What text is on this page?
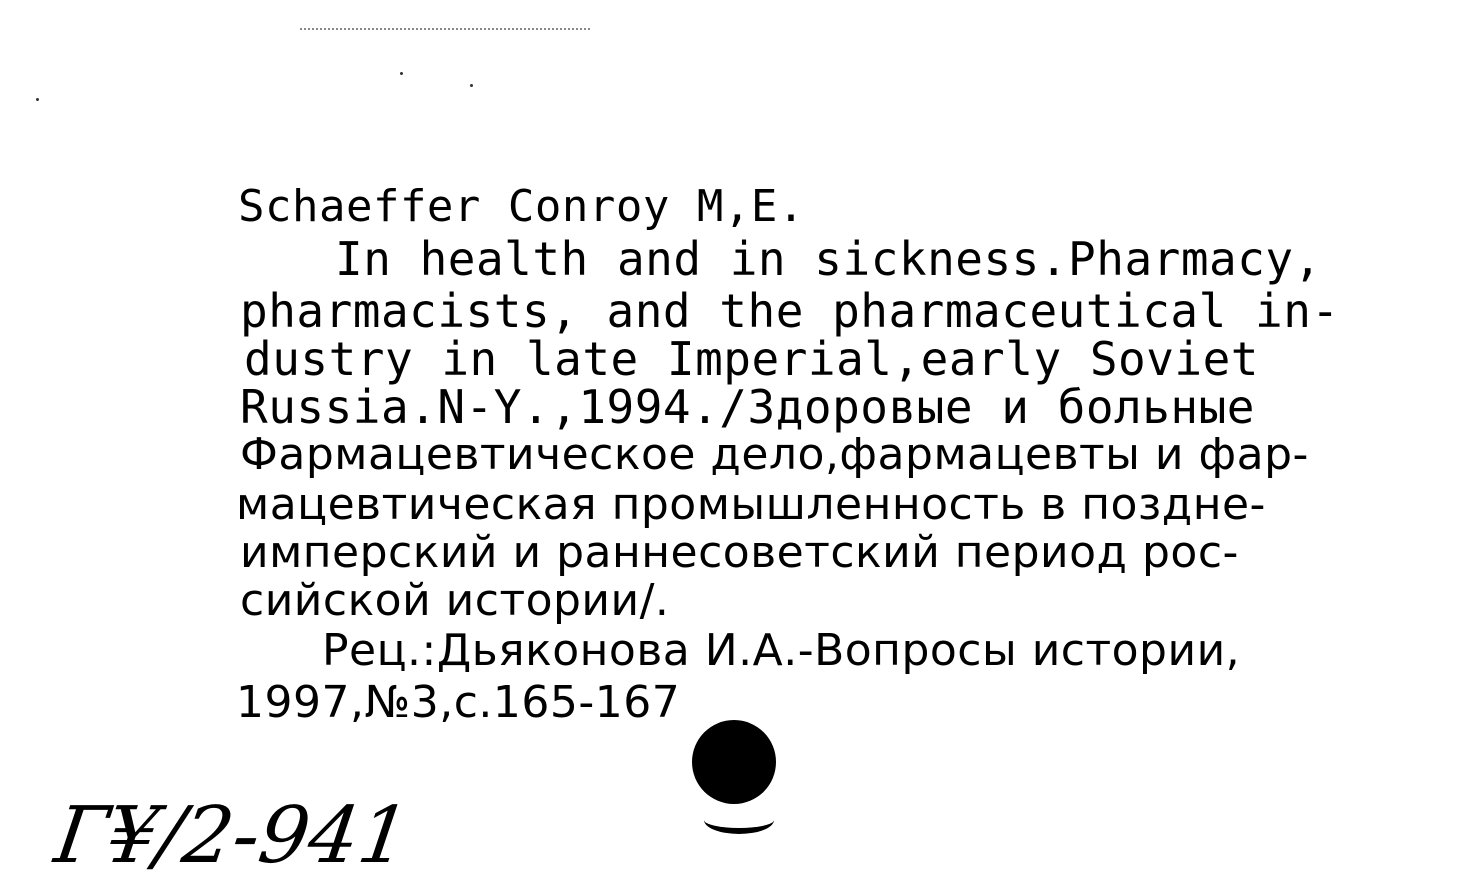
Schaeffer Conroy M,E.
In health and in sickness.Pharmacy,
pharmacists, and the pharmaceutical in-
dustry in late Imperial,early Soviet
Russia.N-Y.,1994./Здоровые и больные
Фармацевтическое дело,фармацевты и фар-
мацевтическая промышленность в поздне-
имперский и раннесоветский период рос-
сийской истории/.
Рец.:Дьяконова И.А.-Вопросы истории,
1997,№3,с.165-167
Г¥/2-941
